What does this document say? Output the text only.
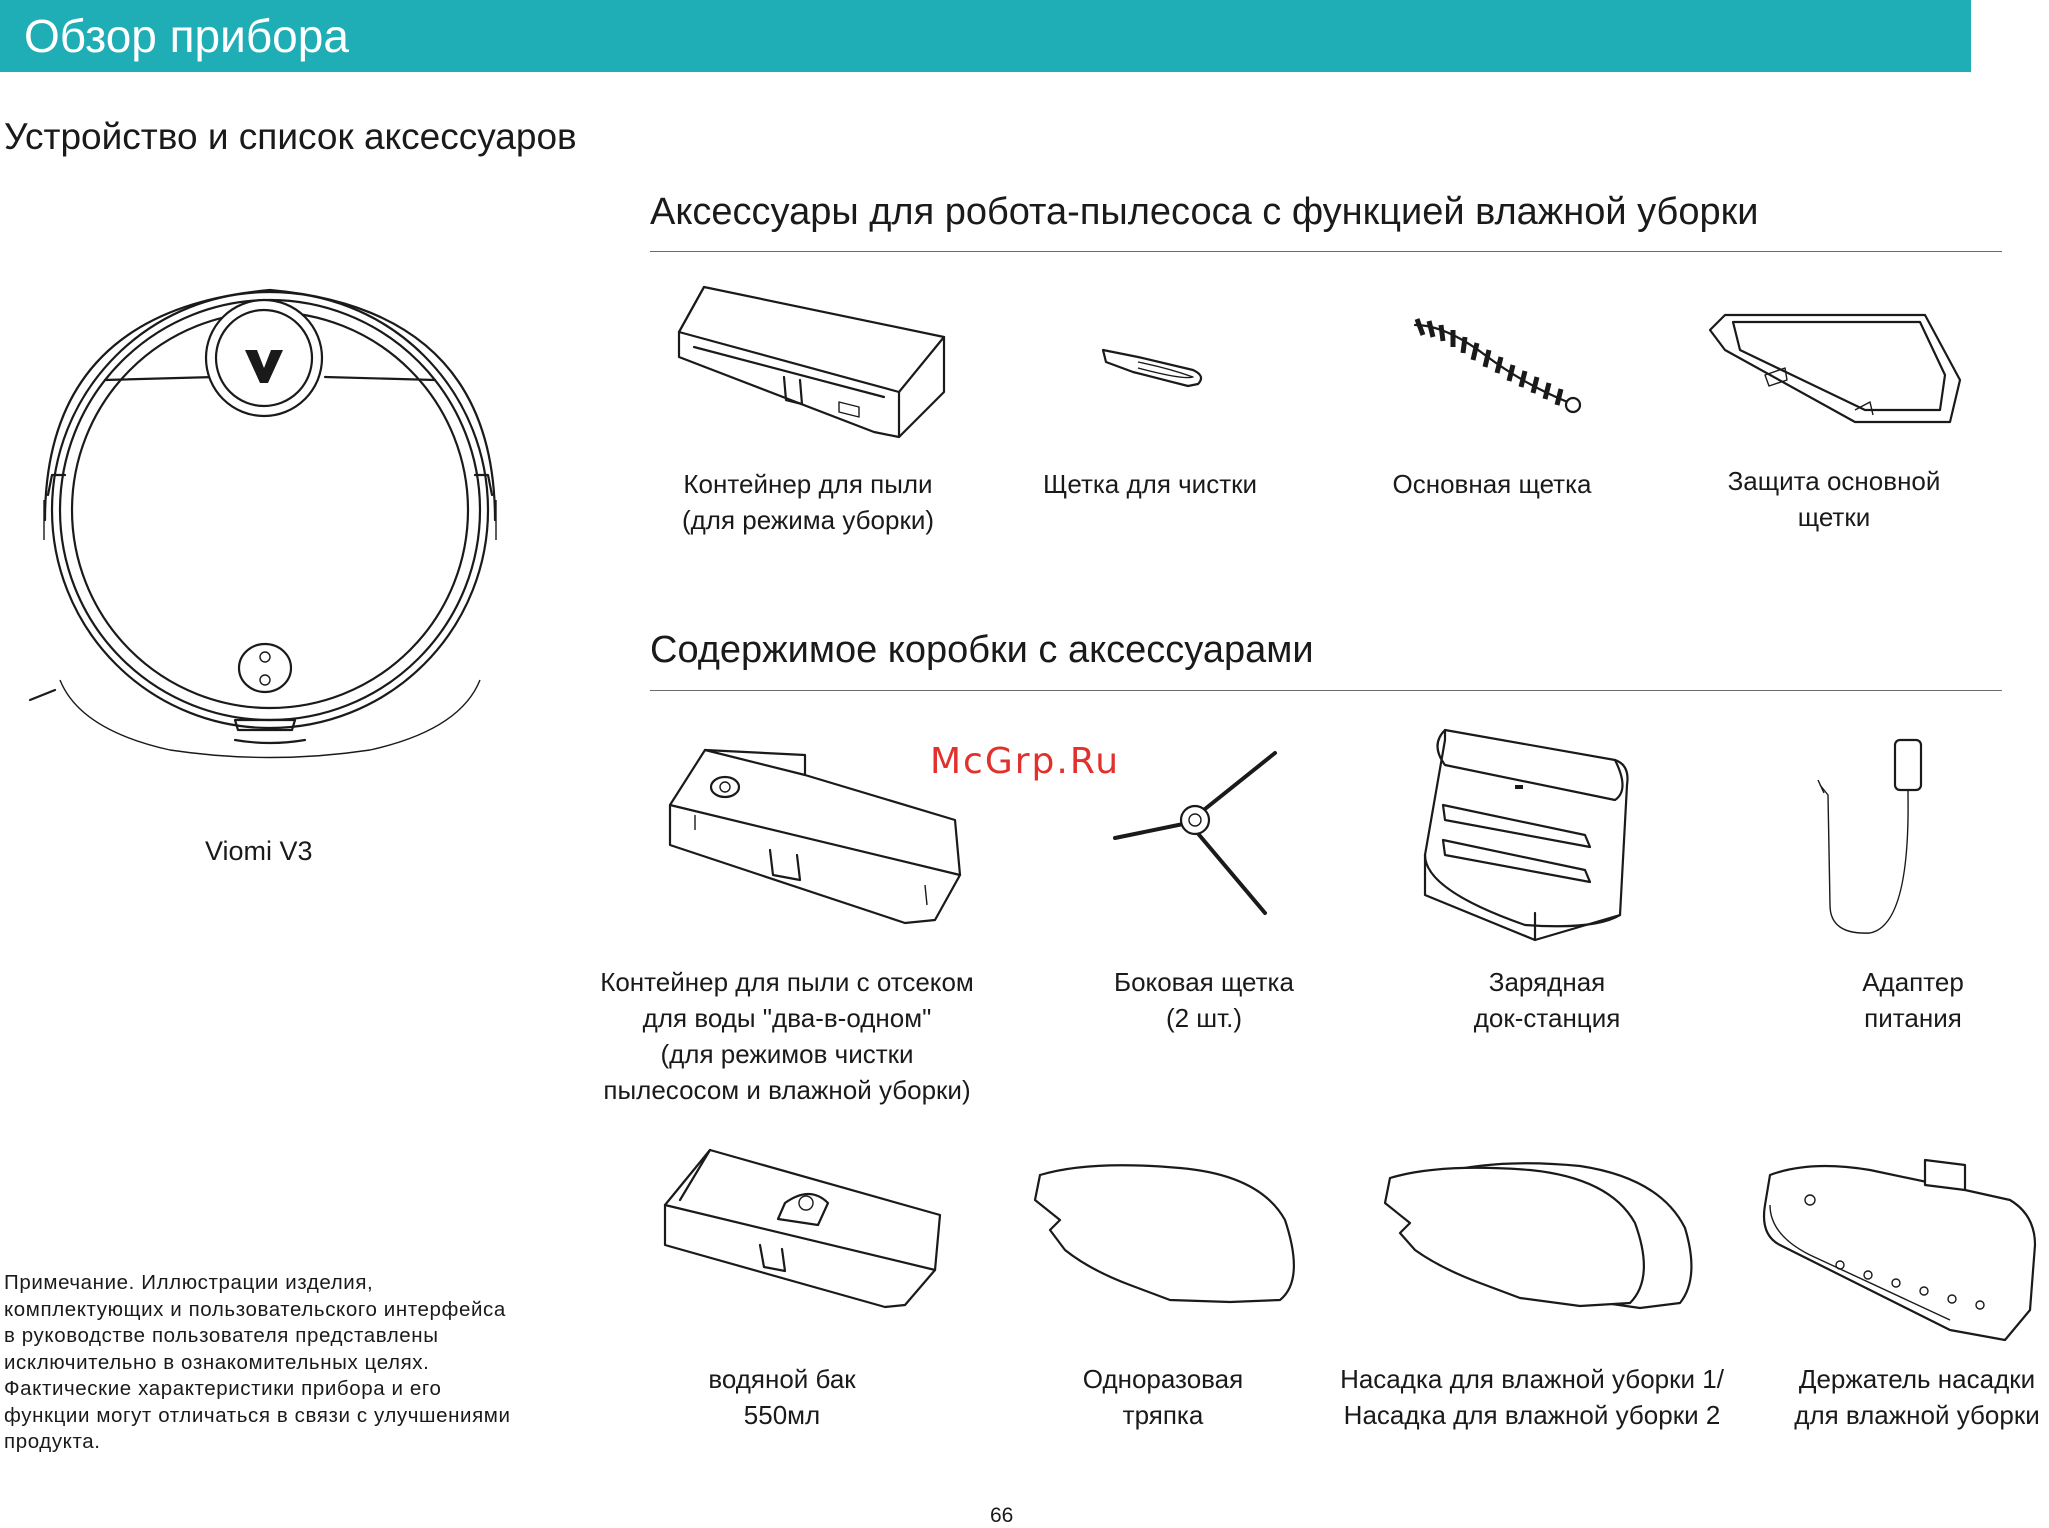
Обзор прибора
Устройство и список аксессуаров
Viomi V3
Аксессуары для робота-пылесоса с функцией влажной уборки
Контейнер для пыли
(для режима уборки)
Щетка для чистки	Основная щетка	Защита основной
щетки
Содержимое коробки с аксессуарами
Контейнер для пыли с отсеком
для воды "два-в-одном"
(для режимов чистки
пылесосом и влажной уборки)
Боковая щетка
(2 шт.)
Зарядная
док-станция
Адаптер
питания
водяной бак
550мл
Одноразовая
тряпка
Насадка для влажной уборки 1/
Насадка для влажной уборки 2
Держатель насадки
для влажной уборки
McGrp.Ru
Примечание. Иллюстрации изделия,
комплектующих и пользовательского интерфейса
в руководстве пользователя представлены
исключительно в ознакомительных целях.
Фактические характеристики прибора и его
функции могут отличаться в связи с улучшениями
продукта.
66
